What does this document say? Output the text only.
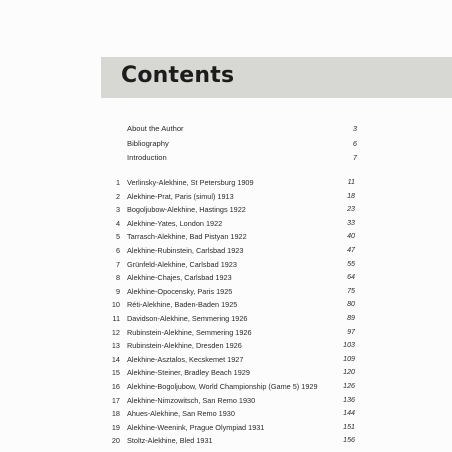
Contents
About the Author	3
Bibliography	6
Introduction	7
1 Verlinsky-Alekhine, St Petersburg 1909	11
2 Alekhine-Prat, Paris (simul) 1913	18
3 Bogoljubow-Alekhine, Hastings 1922	23
4 Alekhine-Yates, London 1922	33
5 Tarrasch-Alekhine, Bad Pistyan 1922	40
6 Alekhine-Rubinstein, Carlsbad 1923	47
7 Grünfeld-Alekhine, Carlsbad 1923	55
8 Alekhine-Chajes, Carlsbad 1923	64
9 Alekhine-Opocensky, Paris 1925	75
10 Réti-Alekhine, Baden-Baden 1925	80
11 Davidson-Alekhine, Semmering 1926	89
12 Rubinstein-Alekhine, Semmering 1926	97
13 Rubinstein-Alekhine, Dresden 1926	103
14 Alekhine-Asztalos, Kecskemet 1927	109
15 Alekhine-Steiner, Bradley Beach 1929	120
16 Alekhine-Bogoljubow, World Championship (Game 5) 1929	126
17 Alekhine-Nimzowitsch, San Remo 1930	136
18 Ahues-Alekhine, San Remo 1930	144
19 Alekhine-Weenink, Prague Olympiad 1931	151
20 Stoltz-Alekhine, Bled 1931	156
